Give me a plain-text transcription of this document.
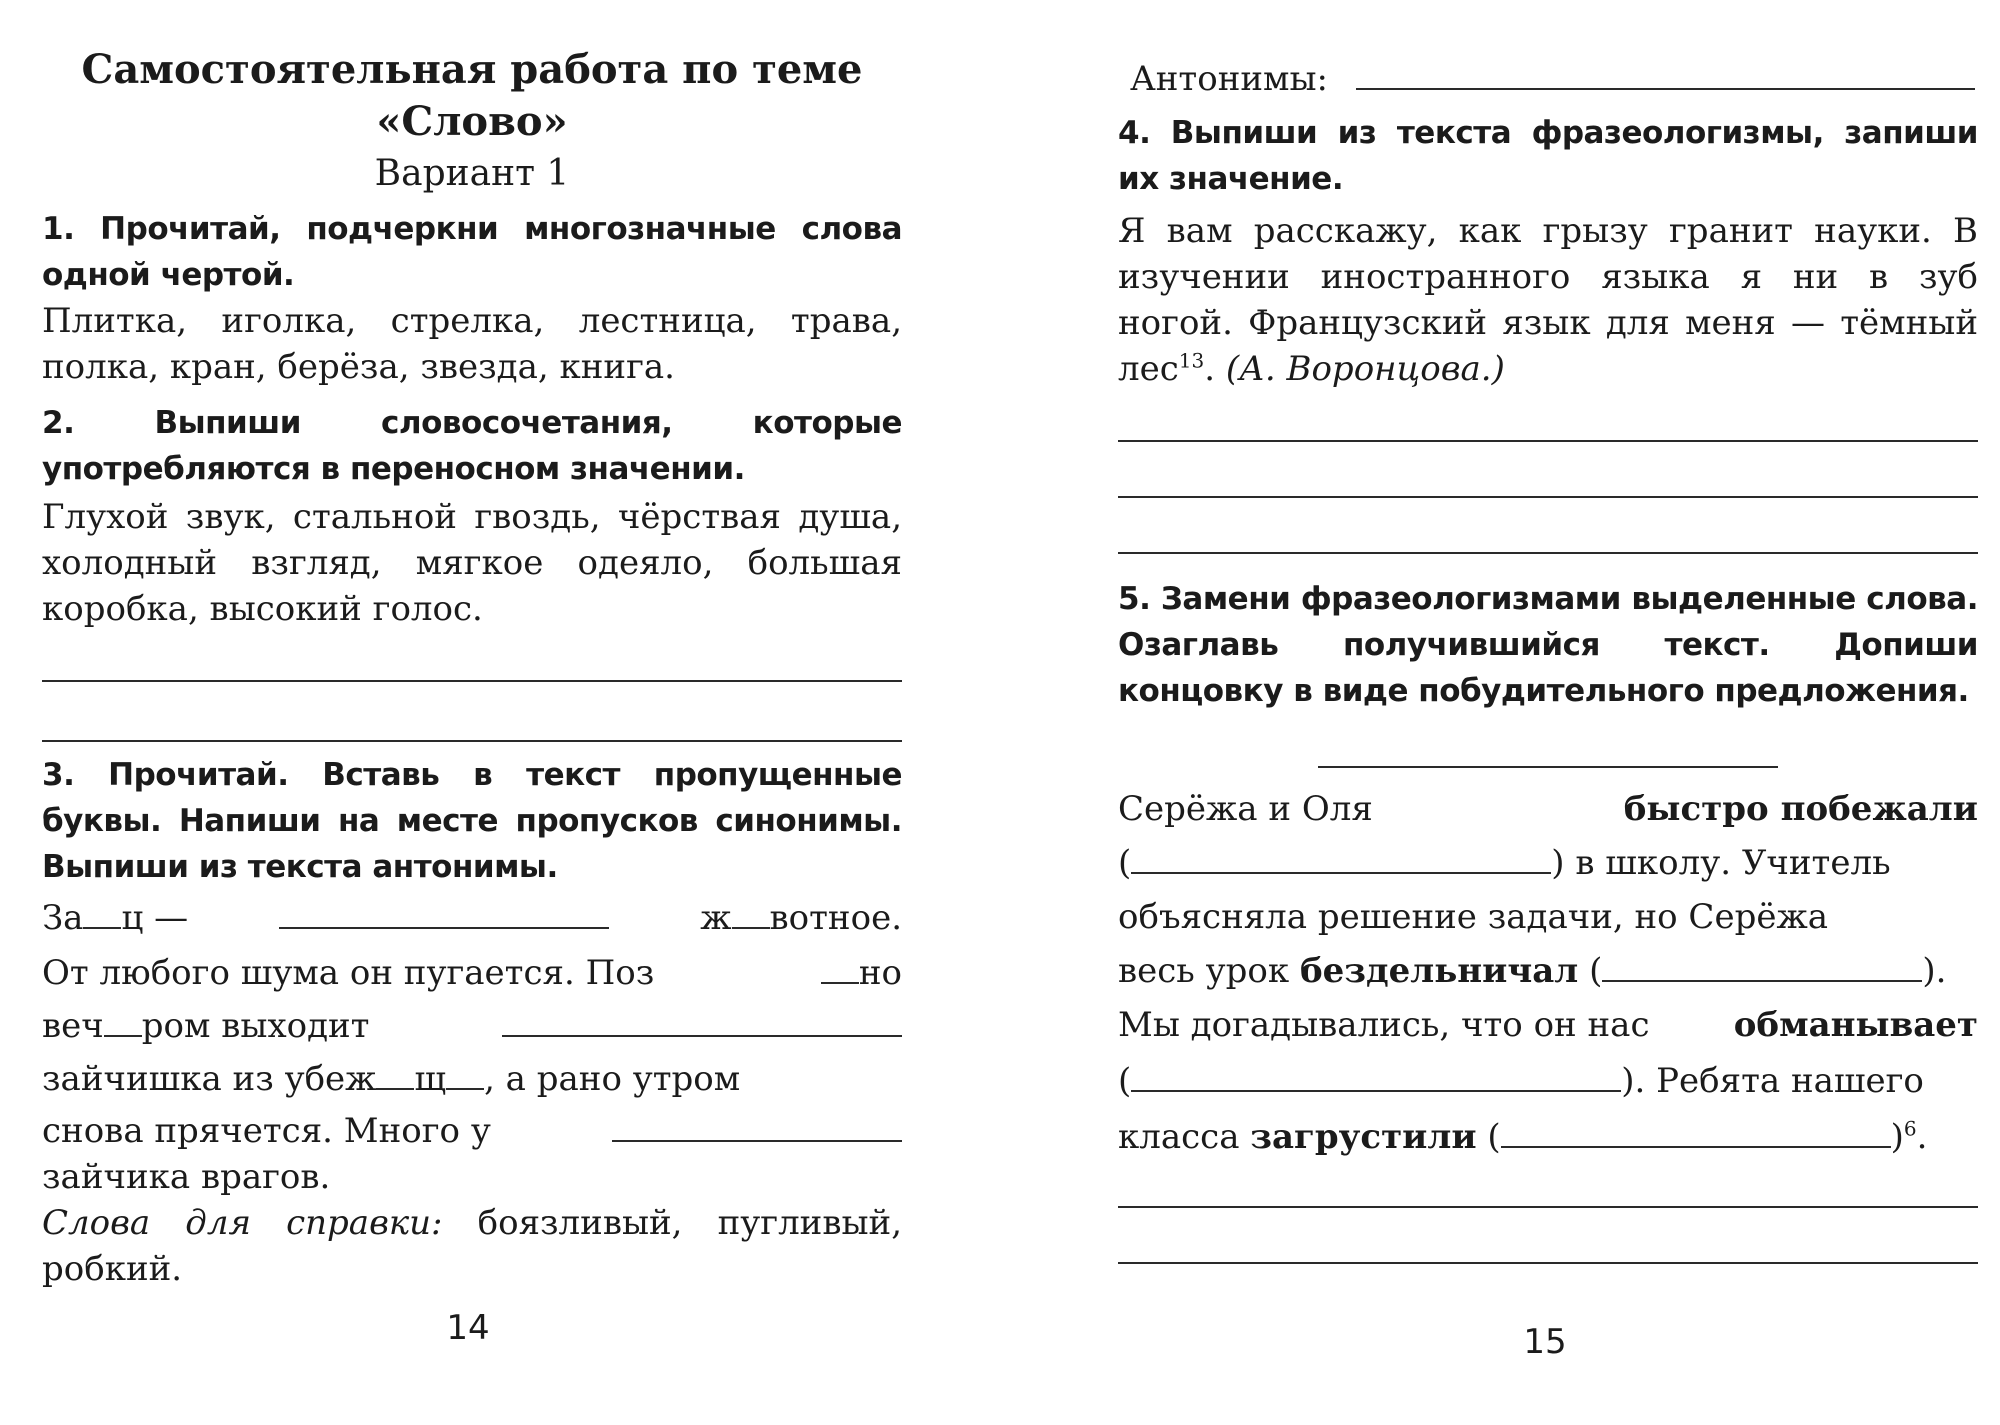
Самостоятельная работа по теме
«Слово»
Вариант 1
1. Прочитай, подчеркни многозначные слова одной чертой.
Плитка, иголка, стрелка, лестница, трава, полка, кран, берёза, звезда, книга.
2. Выпиши словосочетания, которые употребляются в переносном значении.
Глухой звук, стальной гвоздь, чёрствая душа, холодный взгляд, мягкое одеяло, большая коробка, высокий голос.
3. Прочитай. Вставь в текст пропущенные буквы. Напиши на месте пропусков синонимы. Выпиши из текста антонимы.
За ц —	ж вотное.
От любого шума он пугается. Поз	но
веч ром выходит
зайчишка из убеж щ , а рано утром
снова прячется. Много у
зайчика врагов.
Слова для справки: боязливый, пугливый, робкий.
14
Антонимы:
4. Выпиши из текста фразеологизмы, запиши их значение.
Я вам расскажу, как грызу гранит науки. В изучении иностранного языка я ни в зуб ногой. Французский язык для меня — тёмный лес$^{13}$. (А. Воронцова.)
5. Замени фразеологизмами выделенные слова. Озаглавь получившийся текст. Допиши концовку в виде побудительного предложения.
Серёжа и Оля	быстро побежали
(	) в школу. Учитель
объясняла решение задачи, но Серёжа
весь урок бездельничал (	).
Мы догадывались, что он нас обманывает
(	). Ребята нашего
класса загрустили (	)$^6$.
15
